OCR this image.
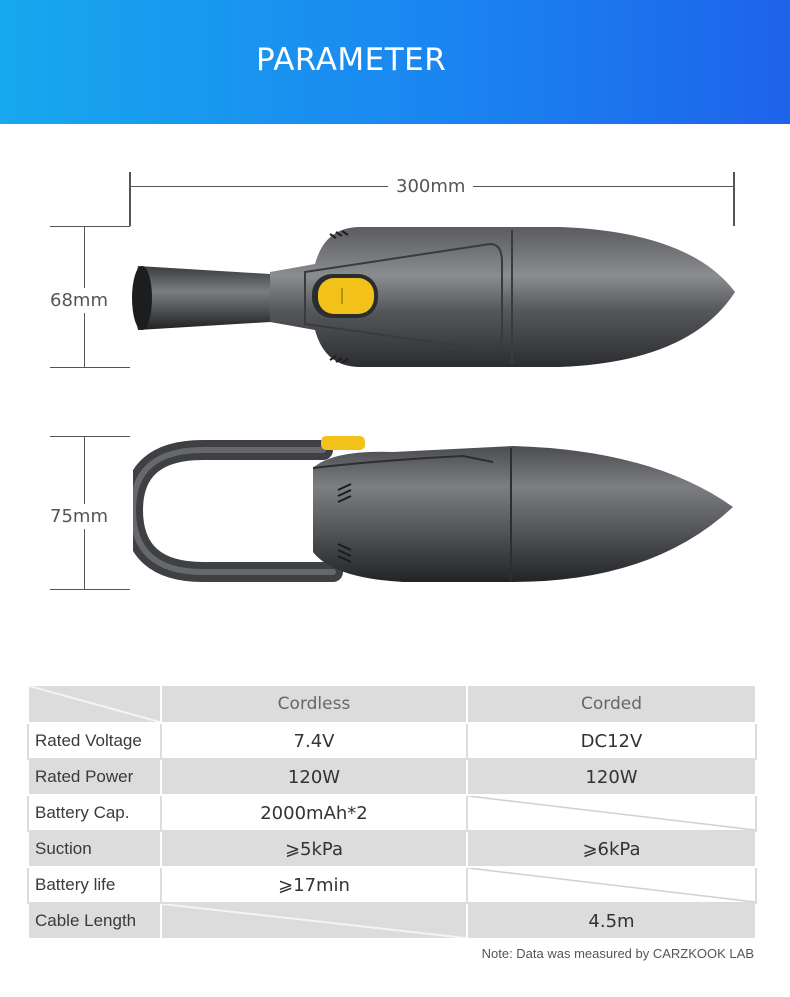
PARAMETER
300mm
68mm
75mm
	Cordless	Corded
Rated Voltage	7.4V	DC12V
Rated Power	120W	120W
Battery Cap.	2000mAh*2	

Suction	⩾5kPa	⩾6kPa
Battery life	⩾17min	

Cable Length		4.5m
Note: Data was measured by CARZKOOK LAB
